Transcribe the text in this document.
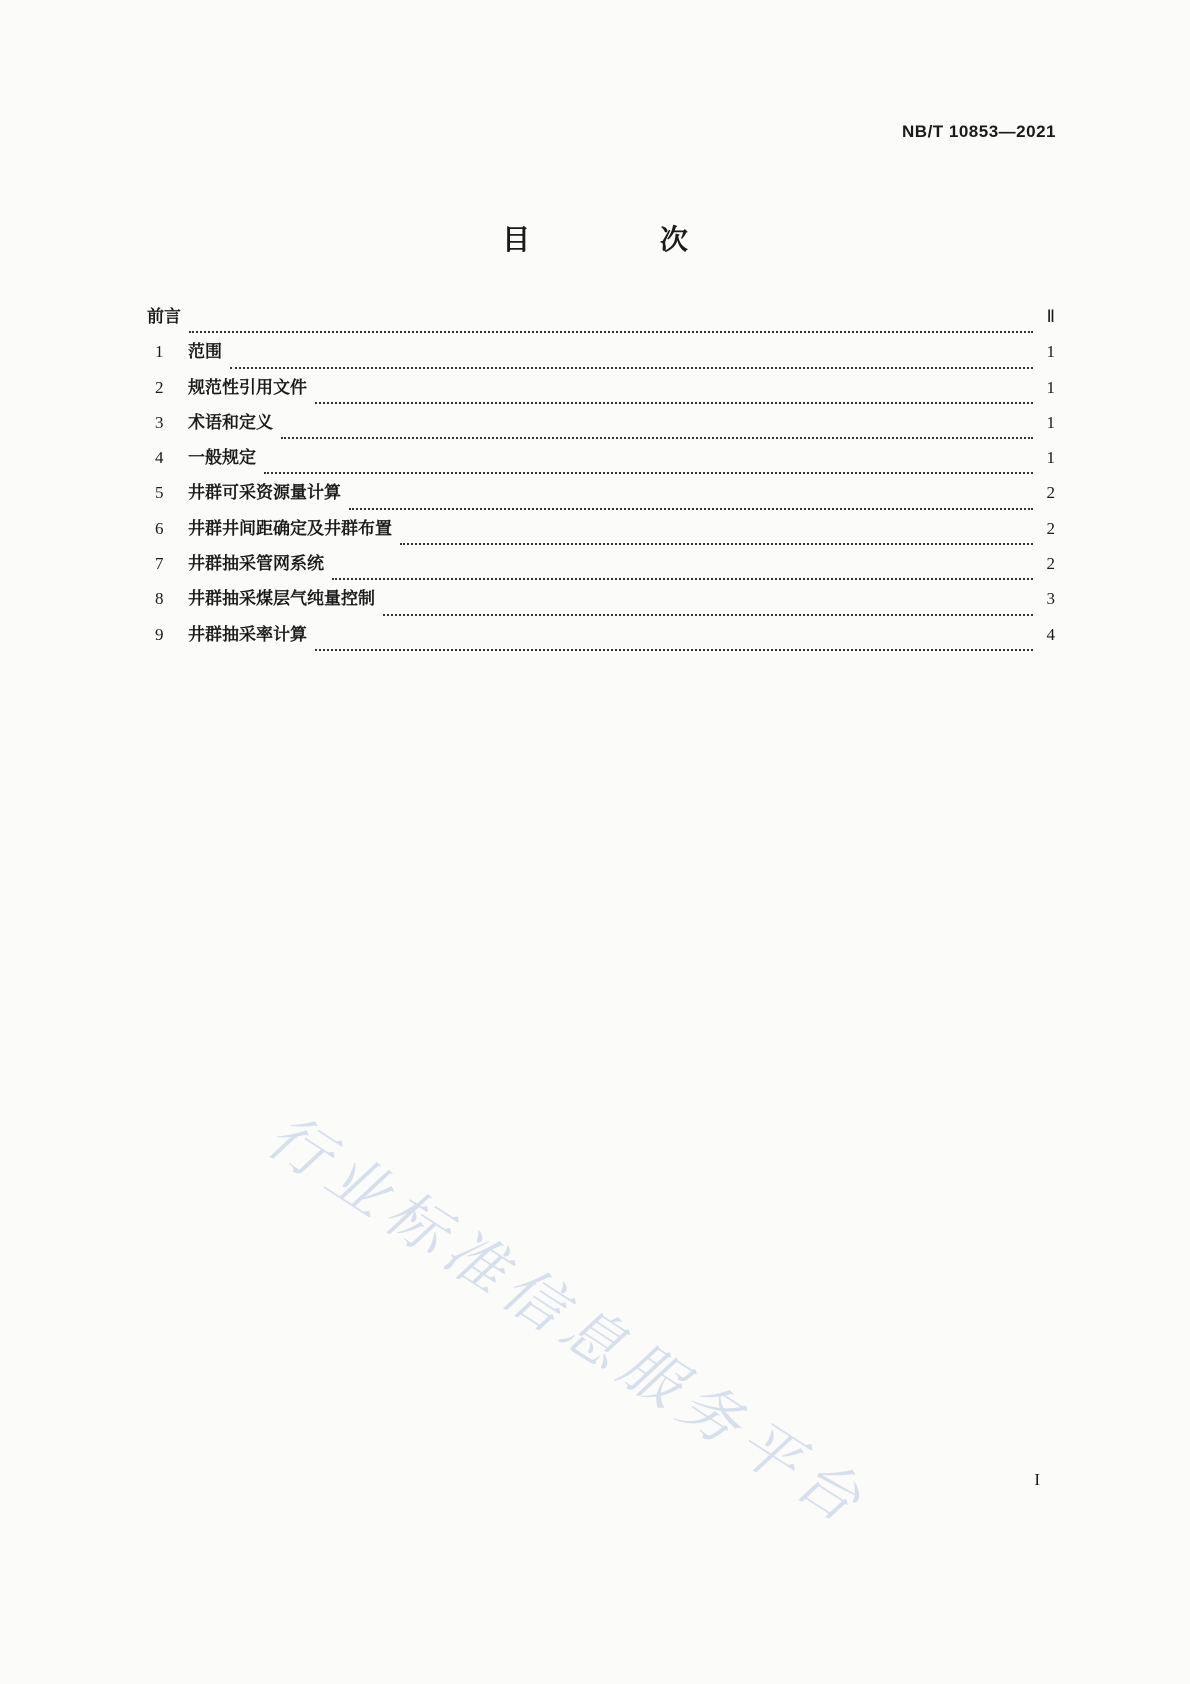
NB/T 10853—2021
目 次
前言	Ⅱ
1	范围	1
2	规范性引用文件	1
3	术语和定义	1
4	一般规定	1
5	井群可采资源量计算	2
6	井群井间距确定及井群布置	2
7	井群抽采管网系统	2
8	井群抽采煤层气纯量控制	3
9	井群抽采率计算	4
行业标准信息服务平台	I
